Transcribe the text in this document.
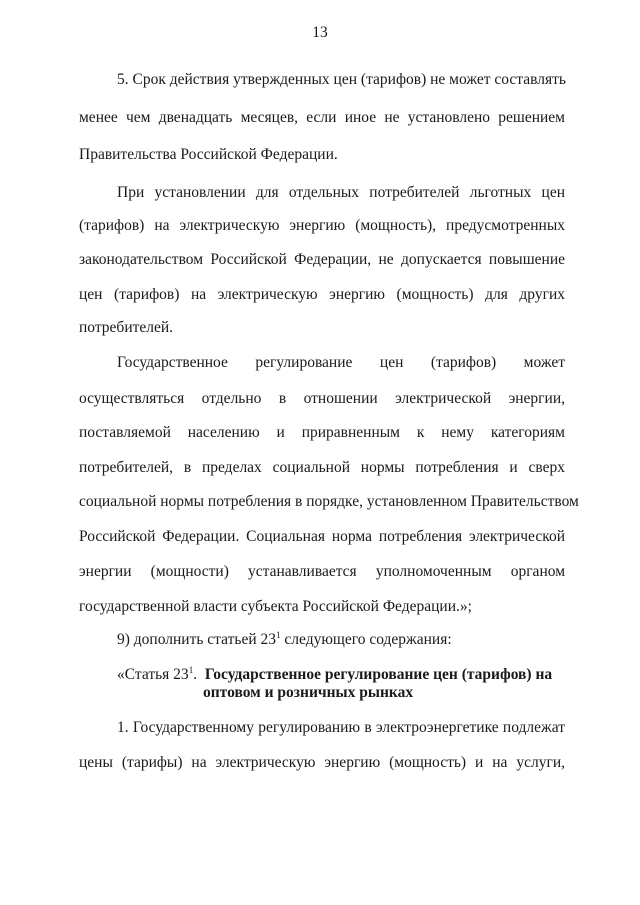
13
5. Срок действия утвержденных цен (тарифов) не может составлять
менее чем двенадцать месяцев, если иное не установлено решением
Правительства Российской Федерации.
При установлении для отдельных потребителей льготных цен
(тарифов) на электрическую энергию (мощность), предусмотренных
законодательством Российской Федерации, не допускается повышение
цен (тарифов) на электрическую энергию (мощность) для других
потребителей.
Государственное регулирование цен (тарифов) может
осуществляться отдельно в отношении электрической энергии,
поставляемой населению и приравненным к нему категориям
потребителей, в пределах социальной нормы потребления и сверх
социальной нормы потребления в порядке, установленном Правительством
Российской Федерации. Социальная норма потребления электрической
энергии (мощности) устанавливается уполномоченным органом
государственной власти субъекта Российской Федерации.»;
9) дополнить статьей $23^1$ следующего содержания:
«Статья $23^1$. Государственное регулирование цен (тарифов) на
оптовом и розничных рынках
1. Государственному регулированию в электроэнергетике подлежат
цены (тарифы) на электрическую энергию (мощность) и на услуги,
